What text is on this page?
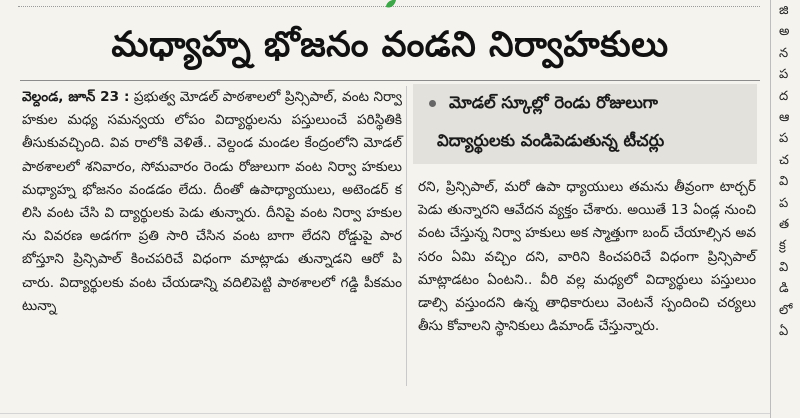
మధ్యాహ్న భోజనం వండని నిర్వాహకులు

వెల్దండ, జూన్ 23 : ప్రభుత్వ మోడల్ పాఠశాలలో ప్రిన్సిపాల్, వంట నిర్వా హకుల మధ్య సమన్వయ లోపం విద్యార్థులను పస్తులుంచే పరిస్థితికి తీసుకువచ్చింది. వివ రాలోకి వెళితే.. వెల్దండ మండల కేంద్రంలోని మోడల్ పాఠశాలలో శనివారం, సోమవారం రెండు రోజులుగా వంట నిర్వా హకులు మధ్యాహ్న భోజనం వండడం లేదు. దీంతో ఉపాధ్యాయులు, అటెండర్ కలిసి వంట చేసి వి ద్యార్థులకు పెడు తున్నారు. దీనిపై వంట నిర్వా హకులను వివరణ అడగగా ప్రతి సారి చేసిన వంట బాగా లేదని రోడ్డుపై పార బోస్తూని ప్రిన్సిపాల్ కించపరిచే విధంగా మాట్లాడు తున్నాడని ఆరో పి చారు. విద్యార్థులకు వంట చేయడాన్ని వదిలిపెట్టి పాఠశాలలో గడ్డి పీకమం టున్నా

మోడల్ స్కూల్లో రెండు రోజులుగా
విద్యార్థులకు వండిపెడుతున్న టీచర్లు

రని, ప్రిన్సిపాల్, మరో ఉపా ధ్యాయులు తమను తీవ్రంగా టార్చర్ పెడు తున్నారని ఆవేదన వ్యక్తం చేశారు. అయితే 13 ఏండ్ల నుంచి వంట చేస్తున్న నిర్వా హకులు అక స్మాత్తుగా బంద్ చేయాల్సిన అవసరం ఏమి వచ్చిం దని, వారిని కించపరిచే విధంగా ప్రిన్సిపాల్ మాట్లాడటం ఏంటని.. వీరి వల్ల మధ్యలో విద్యార్థులు పస్తులుం డాల్సి వస్తుందని ఉన్న తాధికారులు వెంటనే స్పందించి చర్యలు తీసు కోవాలని స్థానికులు డిమాండ్ చేస్తున్నారు.

జి
అ
న
ప
ద
ఆ
ప
చ
వి
ప
త
క్ర
వి
డి
లో
ఏ
